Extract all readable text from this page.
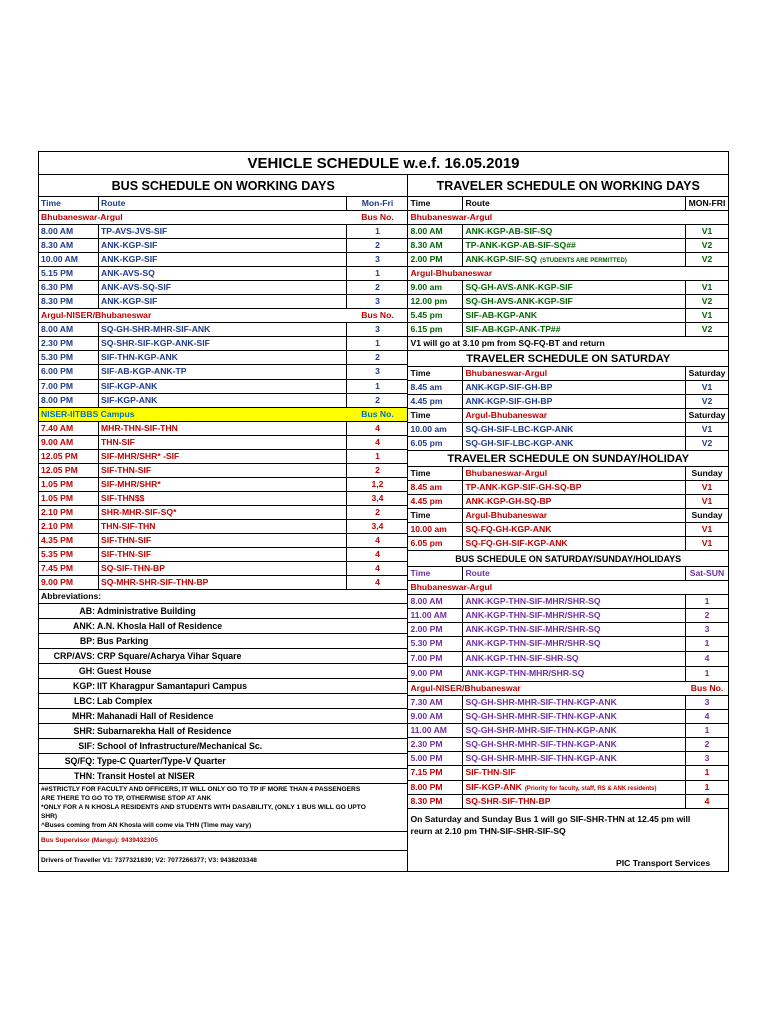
VEHICLE SCHEDULE w.e.f. 16.05.2019
BUS SCHEDULE ON WORKING DAYS
Time	Route	Mon-Fri
Bhubaneswar-Argul	Bus No.
8.00 AM	TP-AVS-JVS-SIF	1
8.30 AM	ANK-KGP-SIF	2
10.00 AM	ANK-KGP-SIF	3
5.15 PM	ANK-AVS-SQ	1
6.30 PM	ANK-AVS-SQ-SIF	2
8.30 PM	ANK-KGP-SIF	3
Argul-NISER/Bhubaneswar	Bus No.
8.00 AM	SQ-GH-SHR-MHR-SIF-ANK	3
2.30 PM	SQ-SHR-SIF-KGP-ANK-SIF	1
5.30 PM	SIF-THN-KGP-ANK	2
6.00 PM	SIF-AB-KGP-ANK-TP	3
7.00 PM	SIF-KGP-ANK	1
8.00 PM	SIF-KGP-ANK	2
NISER-IITBBS Campus	Bus No.
7.40 AM	MHR-THN-SIF-THN	4
9.00 AM	THN-SIF	4
12.05 PM	SIF-MHR/SHR* -SIF	1
12.05 PM	SIF-THN-SIF	2
1.05 PM	SIF-MHR/SHR*	1,2
1.05 PM	SIF-THN$$	3,4
2.10 PM	SHR-MHR-SIF-SQ*	2
2.10 PM	THN-SIF-THN	3,4
4.35 PM	SIF-THN-SIF	4
5.35 PM	SIF-THN-SIF	4
7.45 PM	SQ-SIF-THN-BP	4
9.00 PM	SQ-MHR-SHR-SIF-THN-BP	4
Abbreviations:
AB: Administrative Building
ANK: A.N. Khosla Hall of Residence
BP: Bus Parking
CRP/AVS: CRP Square/Acharya Vihar Square
GH: Guest House
KGP: IIT Kharagpur Samantapuri Campus
LBC: Lab Complex
MHR: Mahanadi Hall of Residence
SHR: Subarnarekha Hall of Residence
SIF: School of Infrastructure/Mechanical Sc.
SQ/FQ: Type-C Quarter/Type-V Quarter
THN: Transit Hostel at NISER
##STRICTLY FOR FACULTY AND OFFICERS, IT WILL ONLY GO TO TP IF MORE THAN 4 PASSENGERS
ARE THERE TO GO TO TP, OTHERWISE STOP AT ANK
*ONLY FOR A N KHOSLA RESIDENTS AND STUDENTS WITH DASABILITY, (ONLY 1 BUS WILL GO UPTO
SHR)
^Buses coming from AN Khosla will come via THN (Time may vary)
Bus Supervisor (Mangu): 9439432305
Drivers of Traveller V1: 7377321839; V2: 7077266377; V3: 9438203348
TRAVELER SCHEDULE ON WORKING DAYS
Time	Route	MON-FRI
Bhubaneswar-Argul
8.00 AM	ANK-KGP-AB-SIF-SQ	V1
8.30 AM	TP-ANK-KGP-AB-SIF-SQ##	V2
2.00 PM	ANK-KGP-SIF-SQ (STUDENTS ARE PERMITTED)	V2
Argul-Bhubaneswar
9.00 am	SQ-GH-AVS-ANK-KGP-SIF	V1
12.00 pm	SQ-GH-AVS-ANK-KGP-SIF	V2
5.45 pm	SIF-AB-KGP-ANK	V1
6.15 pm	SIF-AB-KGP-ANK-TP##	V2
V1 will go at 3.10 pm from SQ-FQ-BT and return
TRAVELER SCHEDULE ON SATURDAY
Time	Bhubaneswar-Argul	Saturday
8.45 am	ANK-KGP-SIF-GH-BP	V1
4.45 pm	ANK-KGP-SIF-GH-BP	V2
Time	Argul-Bhubaneswar	Saturday
10.00 am	SQ-GH-SIF-LBC-KGP-ANK	V1
6.05 pm	SQ-GH-SIF-LBC-KGP-ANK	V2
TRAVELER SCHEDULE ON SUNDAY/HOLIDAY
Time	Bhubaneswar-Argul	Sunday
8.45 am	TP-ANK-KGP-SIF-GH-SQ-BP	V1
4.45 pm	ANK-KGP-GH-SQ-BP	V1
Time	Argul-Bhubaneswar	Sunday
10.00 am	SQ-FQ-GH-KGP-ANK	V1
6.05 pm	SQ-FQ-GH-SIF-KGP-ANK	V1
BUS SCHEDULE ON SATURDAY/SUNDAY/HOLIDAYS
Time	Route	Sat-SUN
Bhubaneswar-Argul
8.00 AM	ANK-KGP-THN-SIF-MHR/SHR-SQ	1
11.00 AM	ANK-KGP-THN-SIF-MHR/SHR-SQ	2
2.00 PM	ANK-KGP-THN-SIF-MHR/SHR-SQ	3
5.30 PM	ANK-KGP-THN-SIF-MHR/SHR-SQ	1
7.00 PM	ANK-KGP-THN-SIF-SHR-SQ	4
9.00 PM	ANK-KGP-THN-MHR/SHR-SQ	1
Argul-NISER/Bhubaneswar	Bus No.
7.30 AM	SQ-GH-SHR-MHR-SIF-THN-KGP-ANK	3
9.00 AM	SQ-GH-SHR-MHR-SIF-THN-KGP-ANK	4
11.00 AM	SQ-GH-SHR-MHR-SIF-THN-KGP-ANK	1
2.30 PM	SQ-GH-SHR-MHR-SIF-THN-KGP-ANK	2
5.00 PM	SQ-GH-SHR-MHR-SIF-THN-KGP-ANK	3
7.15 PM	SIF-THN-SIF	1
8.00 PM	SIF-KGP-ANK (Priority for faculty, staff, RS & ANK residents)	1
8.30 PM	SQ-SHR-SIF-THN-BP	4
On Saturday and Sunday Bus 1 will go SIF-SHR-THN at 12.45 pm will
reurn at 2.10 pm THN-SIF-SHR-SIF-SQ
PIC Transport Services
